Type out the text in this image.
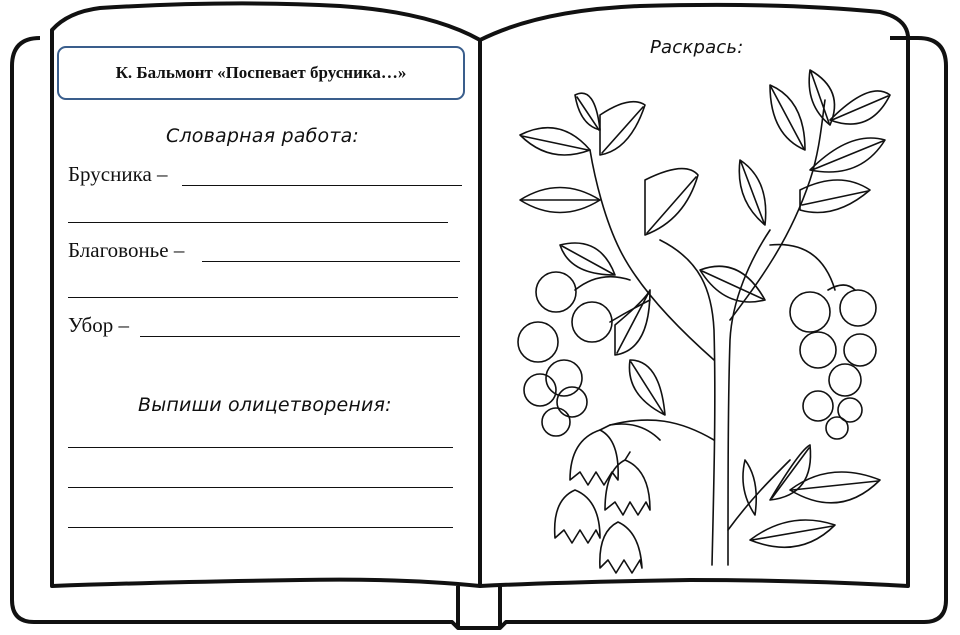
К. Бальмонт «Поспевает брусника…»
Словарная работа:
Брусника –
Благовонье –
Убор –
Выпиши олицетворения:
Раскрась:
